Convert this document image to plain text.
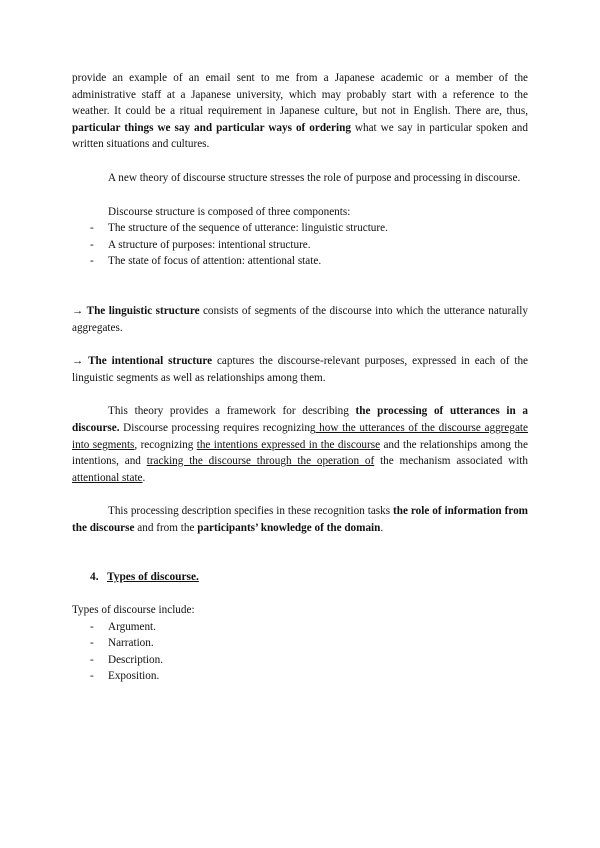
provide an example of an email sent to me from a Japanese academic or a member of the administrative staff at a Japanese university, which may probably start with a reference to the weather. It could be a ritual requirement in Japanese culture, but not in English. There are, thus, particular things we say and particular ways of ordering what we say in particular spoken and written situations and cultures.

A new theory of discourse structure stresses the role of purpose and processing in discourse.

Discourse structure is composed of three components:

- The structure of the sequence of utterance: linguistic structure.
- A structure of purposes: intentional structure.
- The state of focus of attention: attentional state.

→ The linguistic structure consists of segments of the discourse into which the utterance naturally aggregates.

→ The intentional structure captures the discourse-relevant purposes, expressed in each of the linguistic segments as well as relationships among them.

This theory provides a framework for describing the processing of utterances in a discourse. Discourse processing requires recognizing how the utterances of the discourse aggregate into segments, recognizing the intentions expressed in the discourse and the relationships among the intentions, and tracking the discourse through the operation of the mechanism associated with attentional state.

This processing description specifies in these recognition tasks the role of information from the discourse and from the participants’ knowledge of the domain.

4. Types of discourse.

Types of discourse include:

- Argument.
- Narration.
- Description.
- Exposition.
